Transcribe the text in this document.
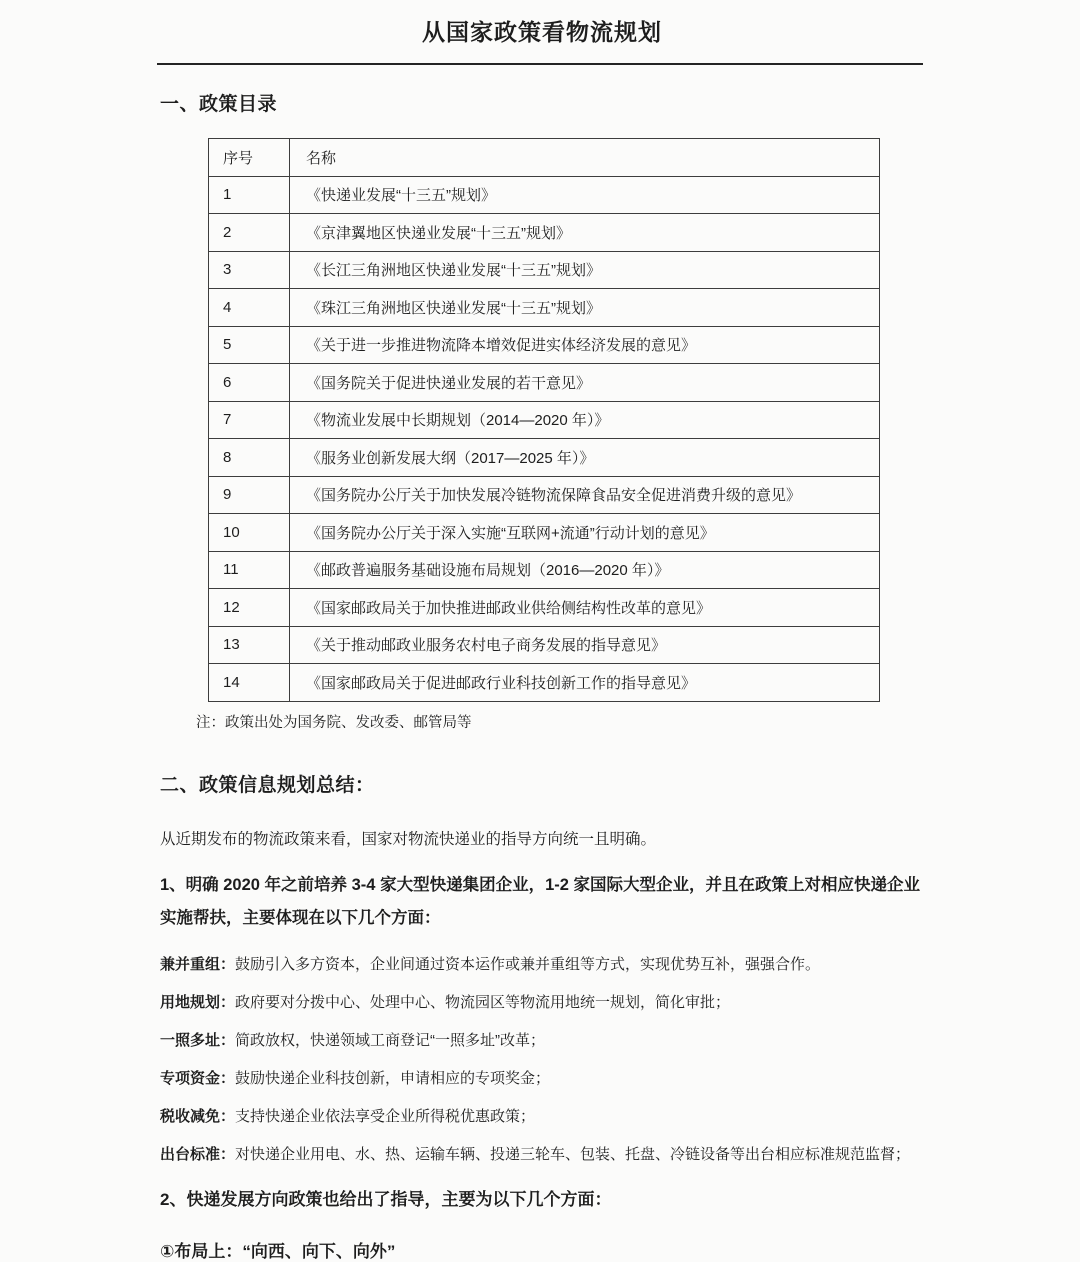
从国家政策看物流规划
一、政策目录
序号	名称
1	《快递业发展“十三五”规划》
2	《京津翼地区快递业发展“十三五”规划》
3	《长江三角洲地区快递业发展“十三五”规划》
4	《珠江三角洲地区快递业发展“十三五”规划》
5	《关于进一步推进物流降本增效促进实体经济发展的意见》
6	《国务院关于促进快递业发展的若干意见》
7	《物流业发展中长期规划（2014—2020 年）》
8	《服务业创新发展大纲（2017—2025 年）》
9	《国务院办公厅关于加快发展冷链物流保障食品安全促进消费升级的意见》
10	《国务院办公厅关于深入实施“互联网+流通”行动计划的意见》
11	《邮政普遍服务基础设施布局规划（2016—2020 年）》
12	《国家邮政局关于加快推进邮政业供给侧结构性改革的意见》
13	《关于推动邮政业服务农村电子商务发展的指导意见》
14	《国家邮政局关于促进邮政行业科技创新工作的指导意见》

注：政策出处为国务院、发改委、邮管局等

二、政策信息规划总结：

从近期发布的物流政策来看，国家对物流快递业的指导方向统一且明确。

1、明确 2020 年之前培养 3-4 家大型快递集团企业，1-2 家国际大型企业，并且在政策上对相应快递企业实施帮扶，主要体现在以下几个方面：

兼并重组：鼓励引入多方资本，企业间通过资本运作或兼并重组等方式，实现优势互补，强强合作。

用地规划：政府要对分拨中心、处理中心、物流园区等物流用地统一规划，简化审批；

一照多址：简政放权，快递领域工商登记“一照多址”改革；

专项资金：鼓励快递企业科技创新，申请相应的专项奖金；

税收减免：支持快递企业依法享受企业所得税优惠政策；

出台标准：对快递企业用电、水、热、运输车辆、投递三轮车、包装、托盘、冷链设备等出台相应标准规范监督；

2、快递发展方向政策也给出了指导，主要为以下几个方面：

①布局上：“向西、向下、向外”
